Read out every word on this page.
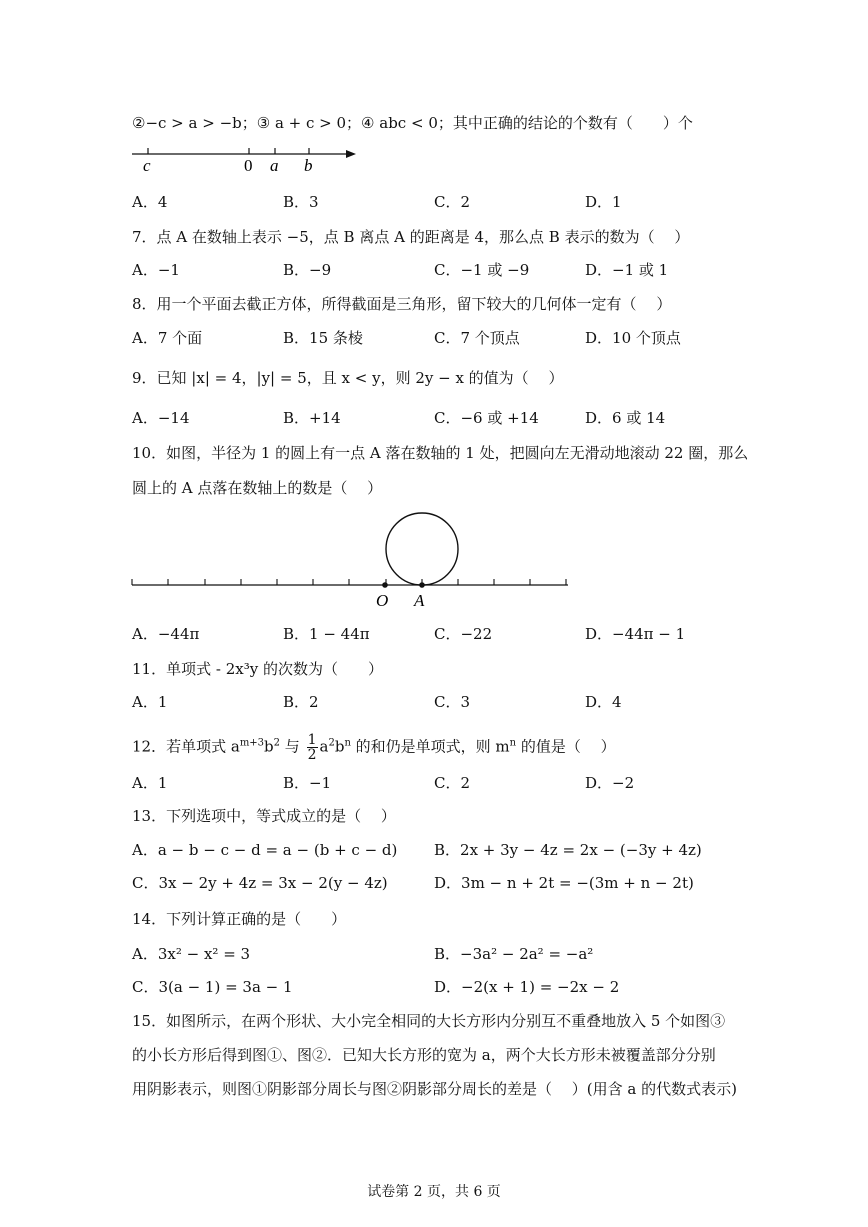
②−c > a > −b；③ a + c > 0；④ abc < 0；其中正确的结论的个数有（　　）个
c	0 a b
A．4	B．3	C．2	D．1
7．点 A 在数轴上表示 −5，点 B 离点 A 的距离是 4，那么点 B 表示的数为（　 ）
A．−1	B．−9	C．−1 或 −9	D．−1 或 1
8．用一个平面去截正方体，所得截面是三角形，留下较大的几何体一定有（　 ）
A．7 个面	B．15 条棱	C．7 个顶点	D．10 个顶点
9．已知 |x| = 4，|y| = 5，且 x < y，则 2y − x 的值为（　 ）
A．−14	B．+14	C．−6 或 +14	D．6 或 14
10．如图，半径为 1 的圆上有一点 A 落在数轴的 1 处，把圆向左无滑动地滚动 22 圈，那么
圆上的 A 点落在数轴上的数是（　 ）
O A
A．−44π	B．1 − 44π	C．−22	D．−44π − 1
11．单项式 - 2x³y 的次数为（　　）
A．1	B．2	C．3	D．4
12．若单项式 $a^{m+3}b^2$ 与 $\frac{1}{2} a^2b^n$ 的和仍是单项式，则 $m^n$ 的值是（　 ）
A．1	B．−1	C．2	D．−2
13．下列选项中，等式成立的是（　 ）
A．a − b − c − d = a − (b + c − d) B．2x + 3y − 4z = 2x − (−3y + 4z)
C．3x − 2y + 4z = 3x − 2(y − 4z)	D．3m − n + 2t = −(3m + n − 2t)
14．下列计算正确的是（　　）
A．3x² − x² = 3	B．−3a² − 2a² = −a²
C．3(a − 1) = 3a − 1	D．−2(x + 1) = −2x − 2
15．如图所示，在两个形状、大小完全相同的大长方形内分别互不重叠地放入 5 个如图③
的小长方形后得到图①、图②．已知大长方形的宽为 a，两个大长方形未被覆盖部分分别
用阴影表示，则图①阴影部分周长与图②阴影部分周长的差是（　 ）(用含 a 的代数式表示)
试卷第 2 页，共 6 页
